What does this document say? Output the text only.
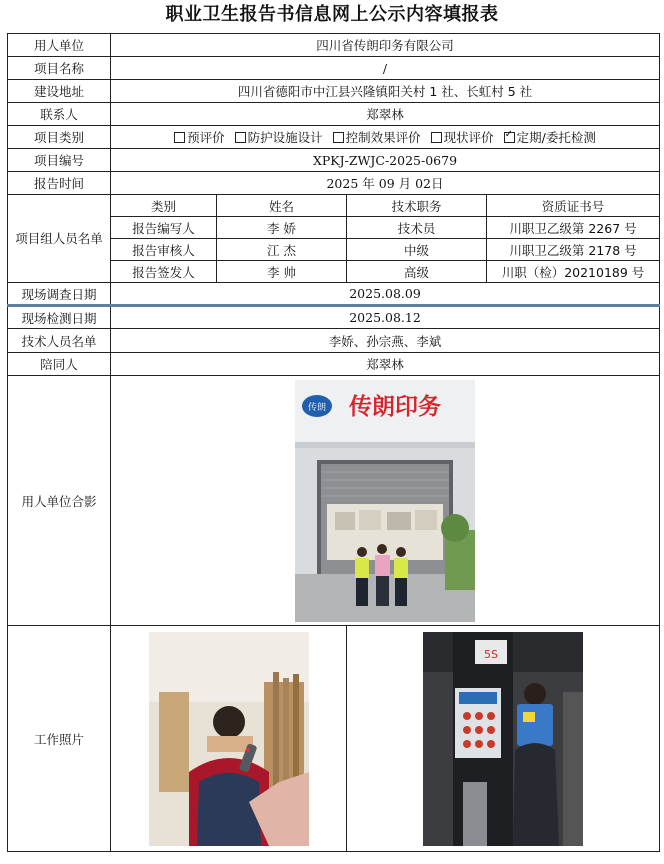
职业卫生报告书信息网上公示内容填报表
用人单位	四川省传朗印务有限公司			
项目名称	/			
建设地址	四川省德阳市中江县兴隆镇阳关村 1 社、长虹村 5 社			
联系人	郑翠林			
项目类别	预评价 防护设施设计 控制效果评价 现状评价 ✓ 定期/委托检测
项目编号	XPKJ-ZWJC-2025-0679			
报告时间	2025 年 09 月 02日			
项目组人员名单	类别	姓名	技术职务	资质证书号
	报告编写人	李 娇	技术员	川职卫乙级第 2267 号
	报告审核人	江 杰	中级	川职卫乙级第 2178 号
	报告签发人	李 帅	高级	川职（检）20210189 号
现场调查日期	2025.08.09			
现场检测日期	2025.08.12			
技术人员名单	李娇、孙宗燕、李斌			
陪同人	郑翠林			
用人单位合影	传朗 传朗印务			

工作照片			5S	
